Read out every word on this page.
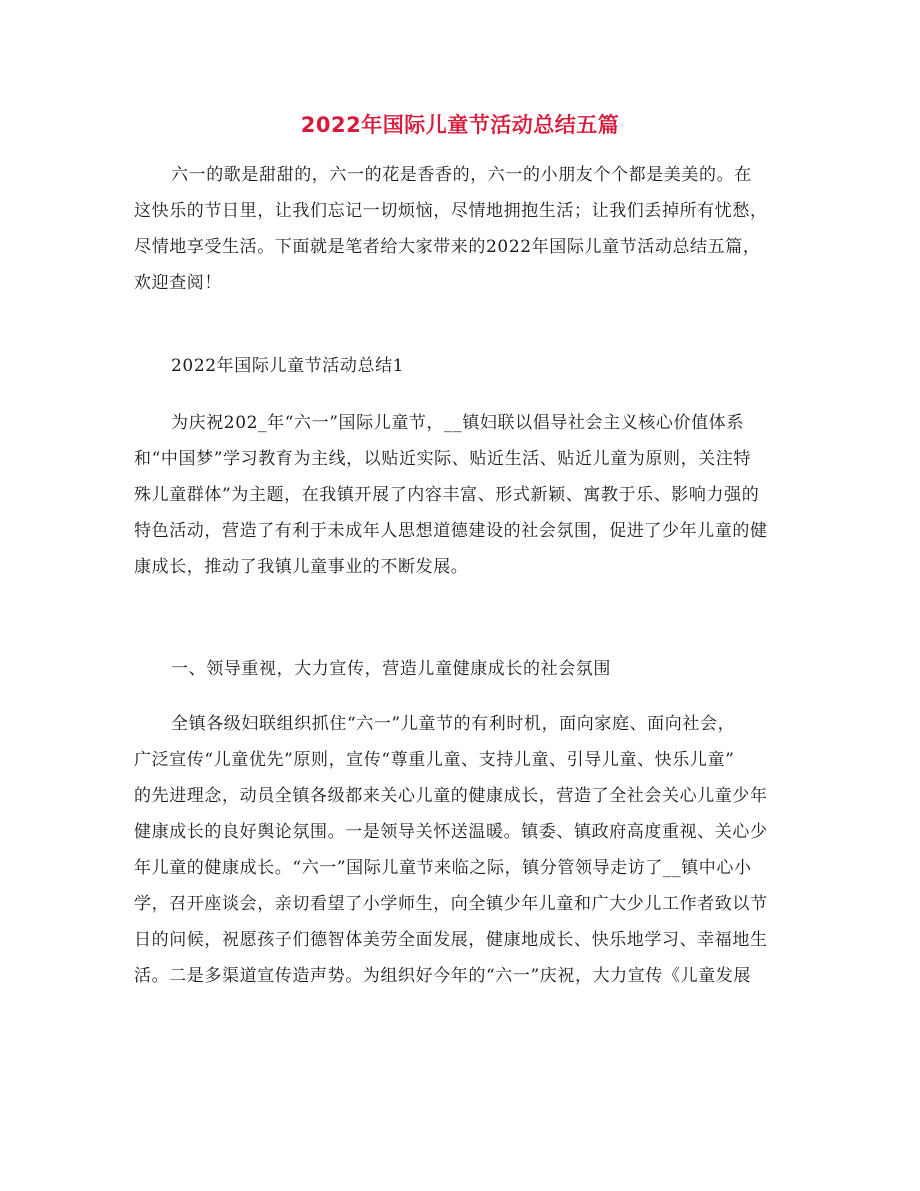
2022年国际儿童节活动总结五篇
六一的歌是甜甜的，六一的花是香香的，六一的小朋友个个都是美美的。在
这快乐的节日里，让我们忘记一切烦恼，尽情地拥抱生活；让我们丢掉所有忧愁，
尽情地享受生活。下面就是笔者给大家带来的2022年国际儿童节活动总结五篇，
欢迎查阅！
2022年国际儿童节活动总结1
为庆祝202_年“六一”国际儿童节，__镇妇联以倡导社会主义核心价值体系
和“中国梦”学习教育为主线，以贴近实际、贴近生活、贴近儿童为原则，关注特
殊儿童群体”为主题，在我镇开展了内容丰富、形式新颖、寓教于乐、影响力强的
特色活动，营造了有利于未成年人思想道德建设的社会氛围，促进了少年儿童的健
康成长，推动了我镇儿童事业的不断发展。
一、领导重视，大力宣传，营造儿童健康成长的社会氛围
全镇各级妇联组织抓住“六一”儿童节的有利时机，面向家庭、面向社会，
广泛宣传“儿童优先”原则，宣传“尊重儿童、支持儿童、引导儿童、快乐儿童”
的先进理念，动员全镇各级都来关心儿童的健康成长，营造了全社会关心儿童少年
健康成长的良好舆论氛围。一是领导关怀送温暖。镇委、镇政府高度重视、关心少
年儿童的健康成长。“六一”国际儿童节来临之际，镇分管领导走访了__镇中心小
学，召开座谈会，亲切看望了小学师生，向全镇少年儿童和广大少儿工作者致以节
日的问候，祝愿孩子们德智体美劳全面发展，健康地成长、快乐地学习、幸福地生
活。二是多渠道宣传造声势。为组织好今年的“六一”庆祝，大力宣传《儿童发展
